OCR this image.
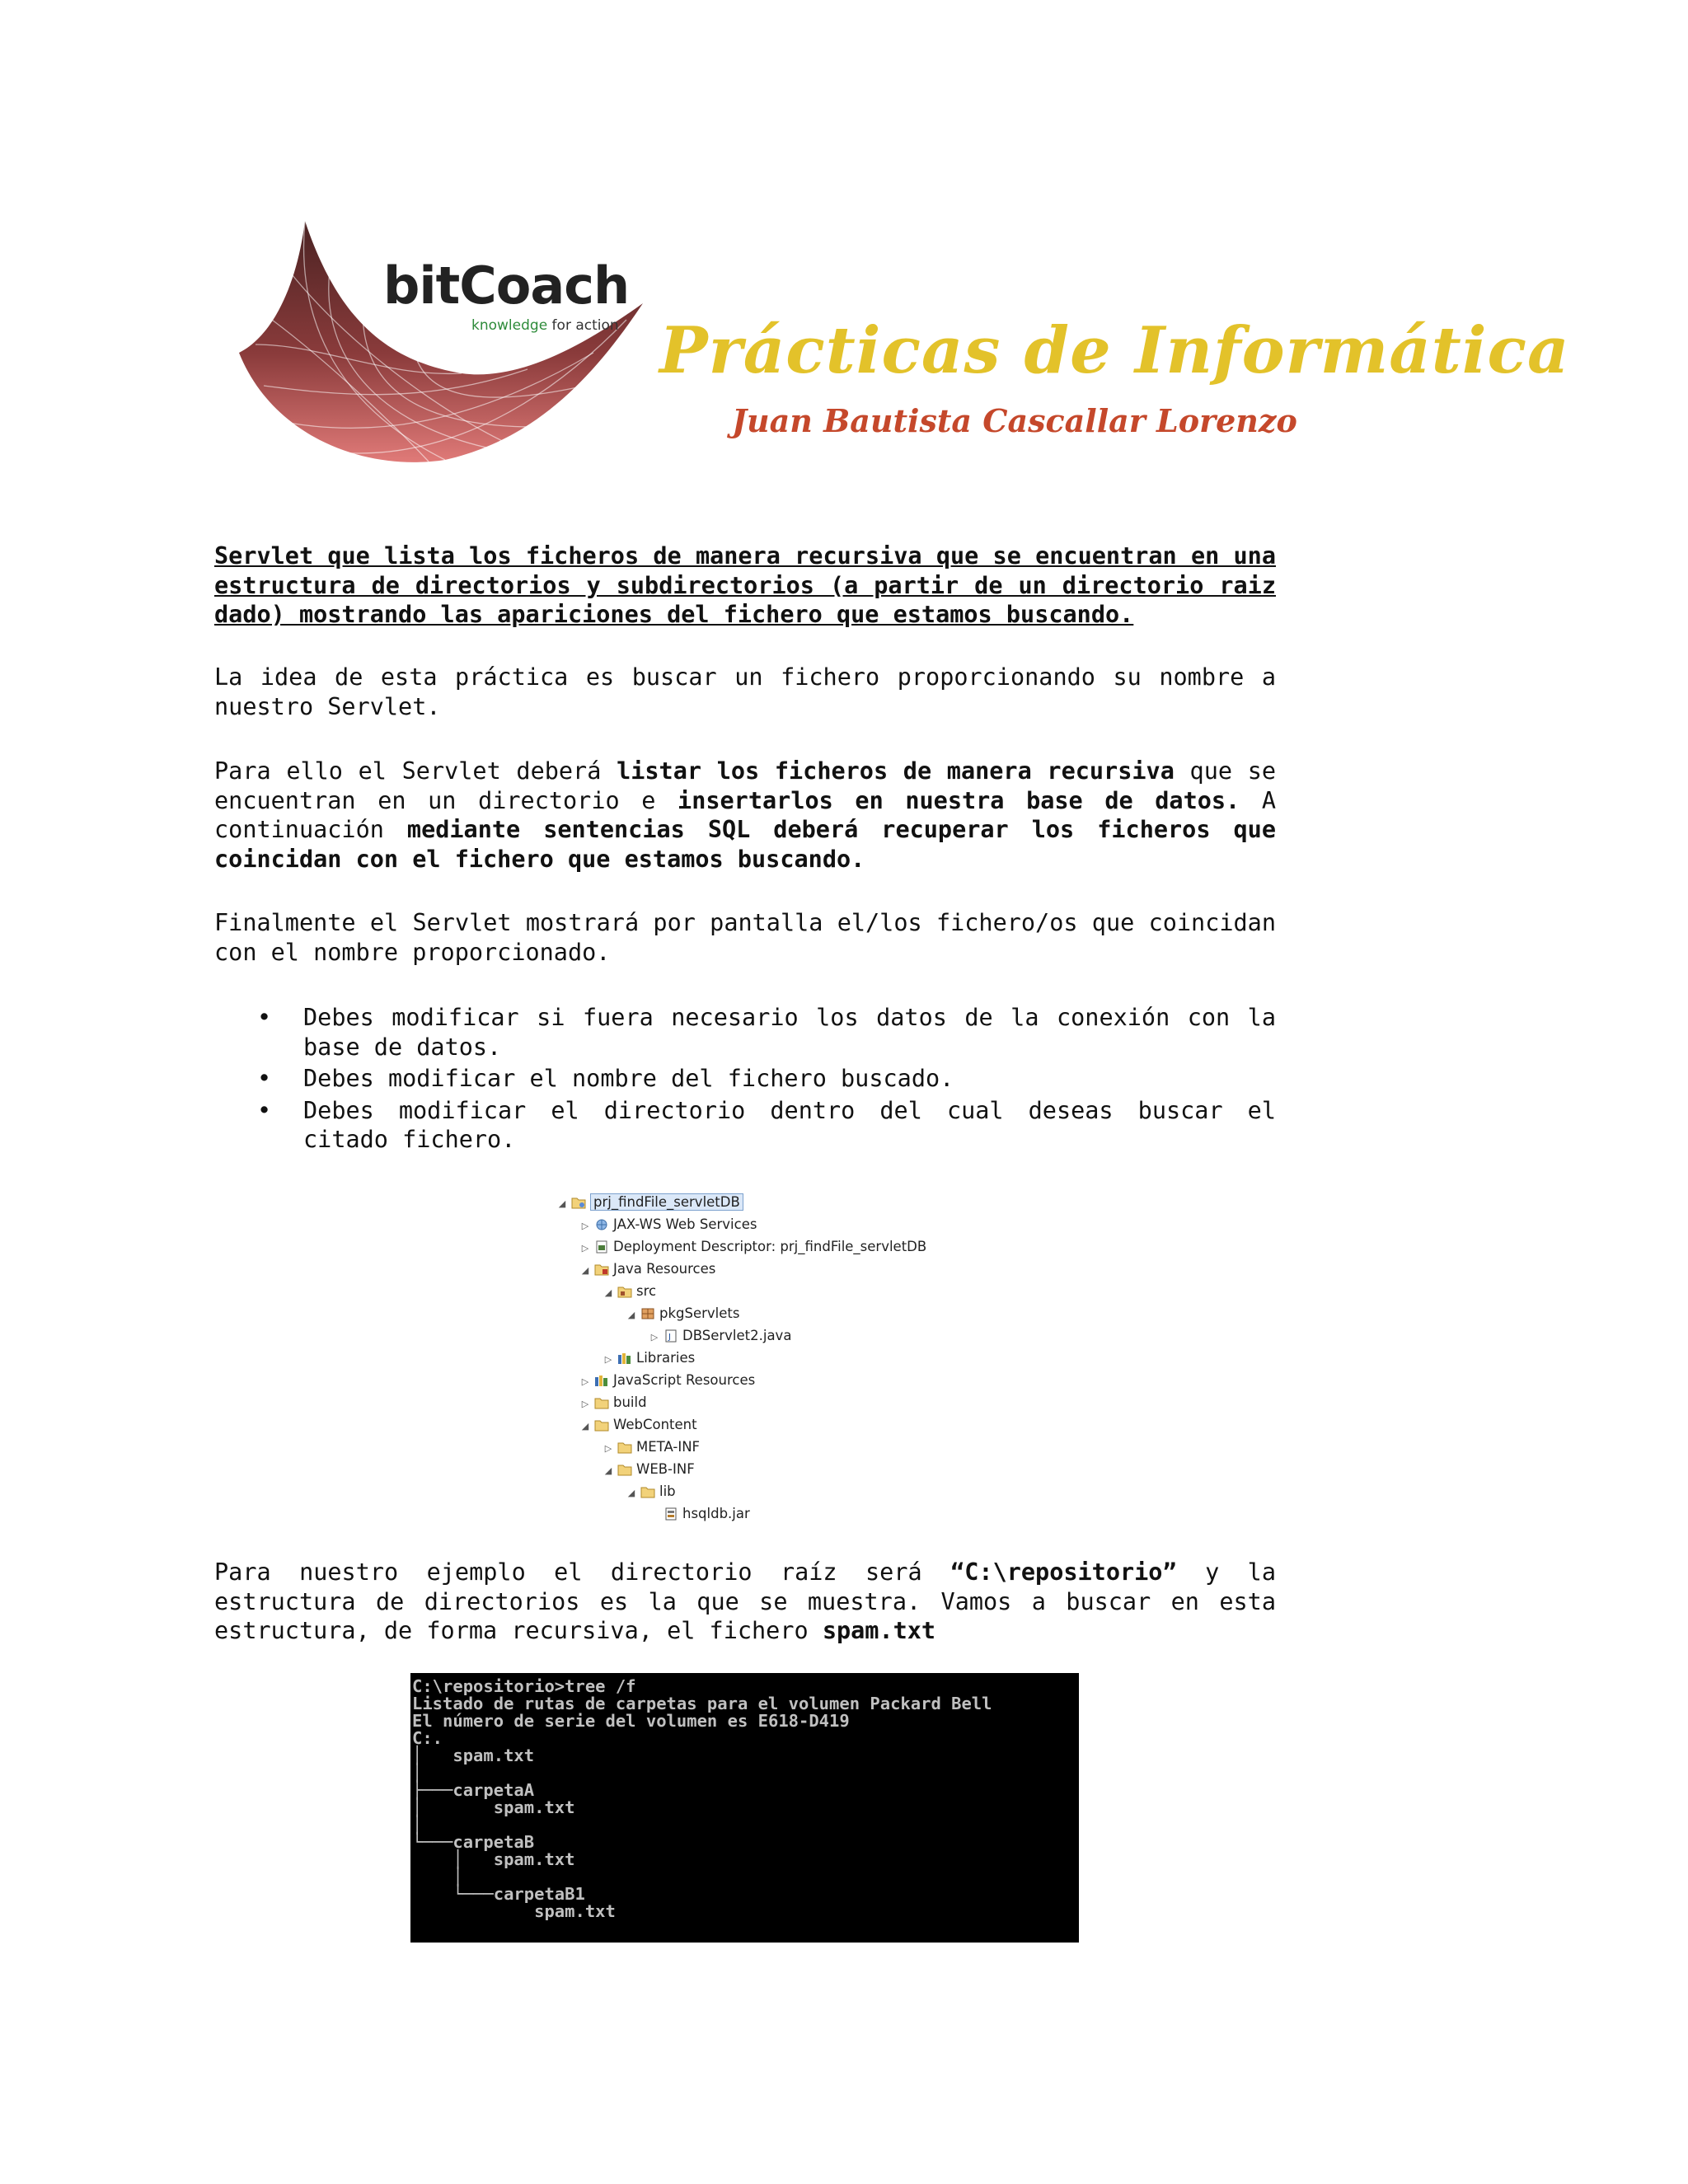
bitCoach
knowledge for action Prácticas de Informática
Juan Bautista Cascallar Lorenzo
Servlet que lista los ficheros de manera recursiva que se encuentran en una estructura de directorios y subdirectorios (a partir de un directorio raiz dado) mostrando las apariciones del fichero que estamos buscando.
La idea de esta práctica es buscar un fichero proporcionando su nombre a nuestro Servlet.
Para ello el Servlet deberá listar los ficheros de manera recursiva que se encuentran en un directorio e insertarlos en nuestra base de datos. A continuación mediante sentencias SQL deberá recuperar los ficheros que coincidan con el fichero que estamos buscando.
Finalmente el Servlet mostrará por pantalla el/los fichero/os que coincidan con el nombre proporcionado.
• Debes modificar si fuera necesario los datos de la conexión con la base de datos.
• Debes modificar el nombre del fichero buscado.
• Debes modificar el directorio dentro del cual deseas buscar el citado fichero.
◢ prj_findFile_servletDB
▷ JAX-WS Web Services
▷ Deployment Descriptor: prj_findFile_servletDB
◢ Java Resources
◢ src
◢ pkgServlets
▷ J DBServlet2.java
▷ Libraries
▷ JavaScript Resources
▷ build
◢ WebContent
▷ META-INF
◢ WEB-INF
◢ lib
hsqldb.jar
Para nuestro ejemplo el directorio raíz será “C:\repositorio” y la estructura de directorios es la que se muestra. Vamos a buscar en esta estructura, de forma recursiva, el fichero spam.txt
C:\repositorio>tree /f
Listado de rutas de carpetas para el volumen Packard Bell
El número de serie del volumen es E618-D419
C:.
│   spam.txt
│
├───carpetaA
│       spam.txt
│
└───carpetaB
│   spam.txt
│
└───carpetaB1
spam.txt
